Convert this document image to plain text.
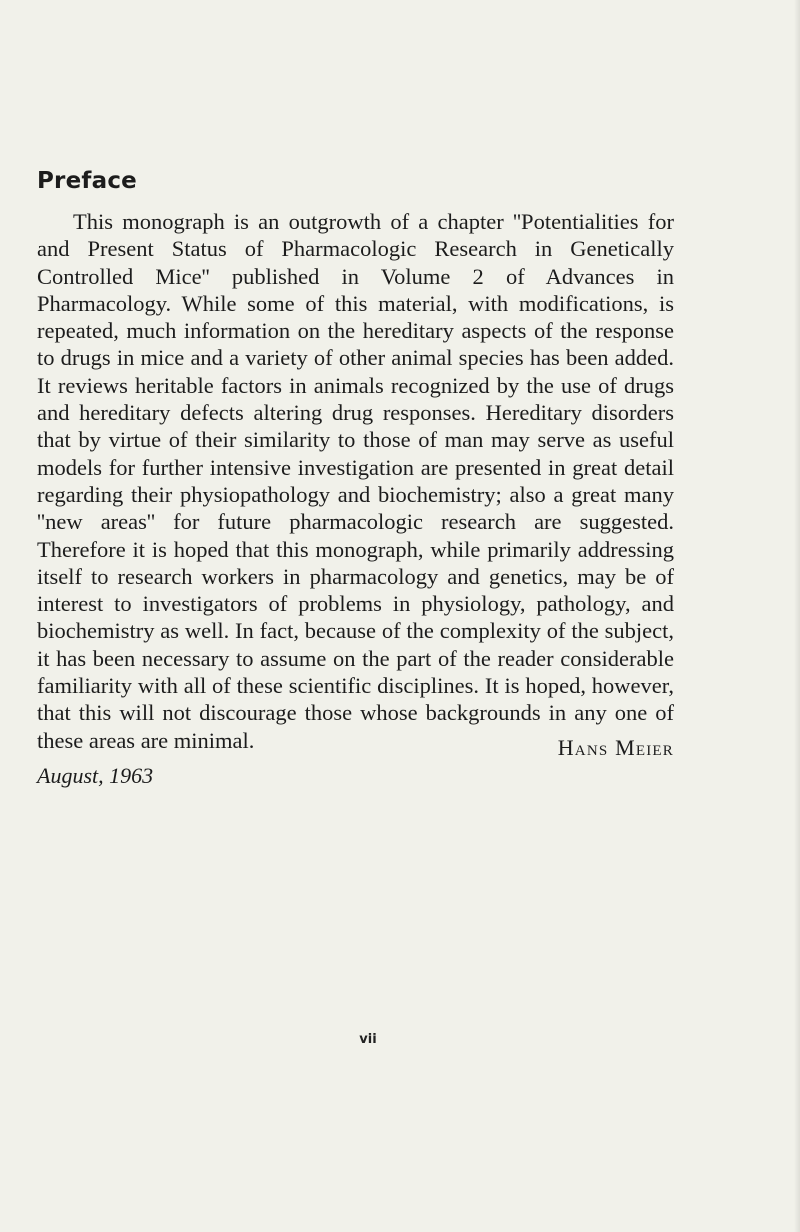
Preface

This monograph is an outgrowth of a chapter ''Potentialities for and Present Status of Pharmacologic Research in Genetically Controlled Mice'' published in Volume 2 of Advances in Pharmacology. While some of this material, with modifications, is repeated, much information on the hereditary aspects of the response to drugs in mice and a variety of other animal species has been added. It reviews heritable factors in animals recognized by the use of drugs and hereditary defects altering drug responses. Hereditary disorders that by virtue of their similarity to those of man may serve as useful models for further intensive investigation are presented in great detail regarding their physiopathology and biochemistry; also a great many ''new areas'' for future pharmacologic research are suggested. Therefore it is hoped that this monograph, while primarily addressing itself to research workers in pharmacology and genetics, may be of interest to investigators of problems in physiology, pathology, and biochemistry as well. In fact, because of the complexity of the subject, it has been necessary to assume on the part of the reader considerable familiarity with all of these scientific disciplines. It is hoped, however, that this will not discourage those whose backgrounds in any one of these areas are minimal.	Hans Meier
August, 1963
vii
